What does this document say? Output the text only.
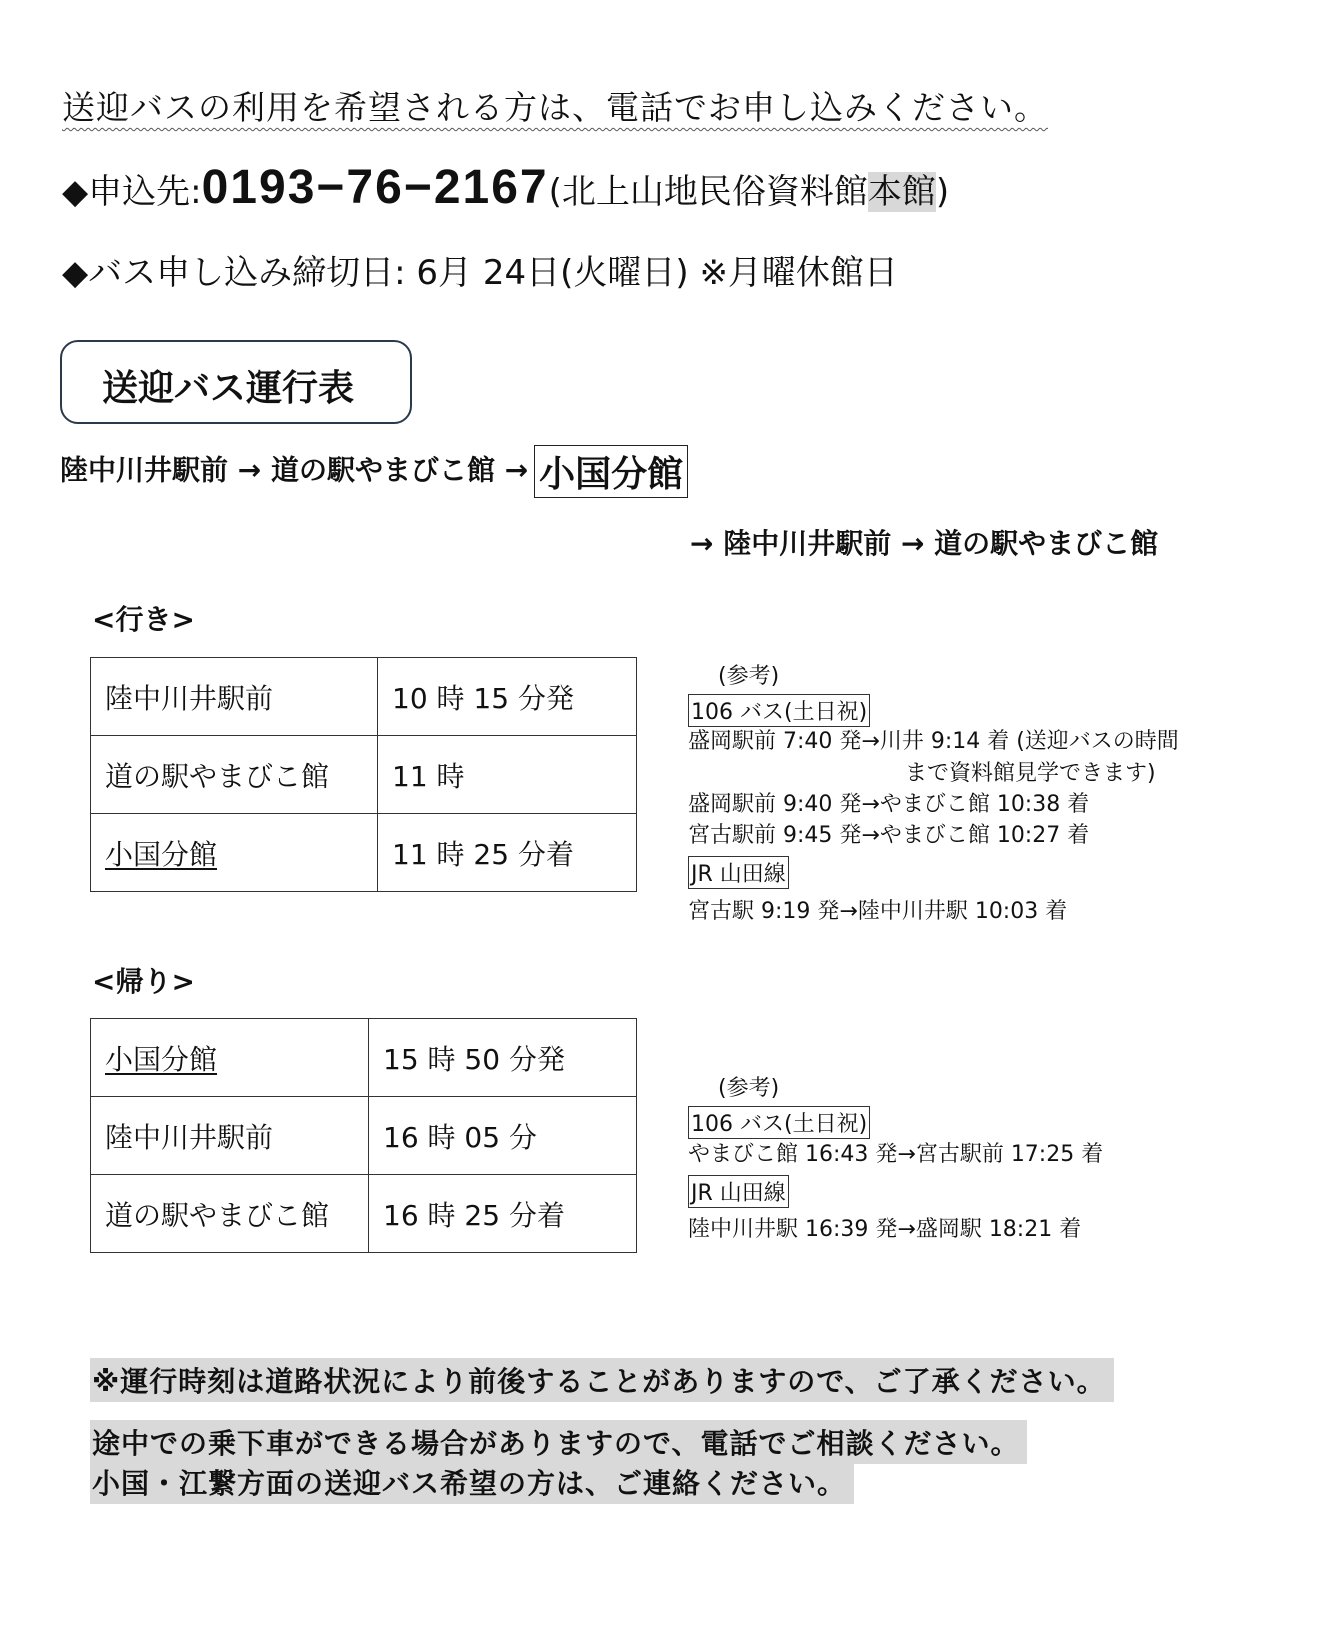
送迎バスの利用を希望される方は、電話でお申し込みください。
◆申込先:0193−76−2167(北上山地民俗資料館本館)
◆バス申し込み締切日: 6月 24日(火曜日) ※月曜休館日
送迎バス運行表
陸中川井駅前 → 道の駅やまびこ館 → 小国分館
→ 陸中川井駅前 → 道の駅やまびこ館
<行き>
陸中川井駅前	10 時 15 分発
道の駅やまびこ館	11 時
小国分館	11 時 25 分着
(参考)
106 バス(土日祝)
盛岡駅前 7:40 発→川井 9:14 着 (送迎バスの時間
まで資料館見学できます)
盛岡駅前 9:40 発→やまびこ館 10:38 着
宮古駅前 9:45 発→やまびこ館 10:27 着
JR 山田線
宮古駅 9:19 発→陸中川井駅 10:03 着
<帰り>
小国分館	15 時 50 分発
陸中川井駅前	16 時 05 分
道の駅やまびこ館	16 時 25 分着
(参考)
106 バス(土日祝)
やまびこ館 16:43 発→宮古駅前 17:25 着
JR 山田線
陸中川井駅 16:39 発→盛岡駅 18:21 着
※運行時刻は道路状況により前後することがありますので、ご了承ください。
途中での乗下車ができる場合がありますので、電話でご相談ください。
小国・江繋方面の送迎バス希望の方は、ご連絡ください。
